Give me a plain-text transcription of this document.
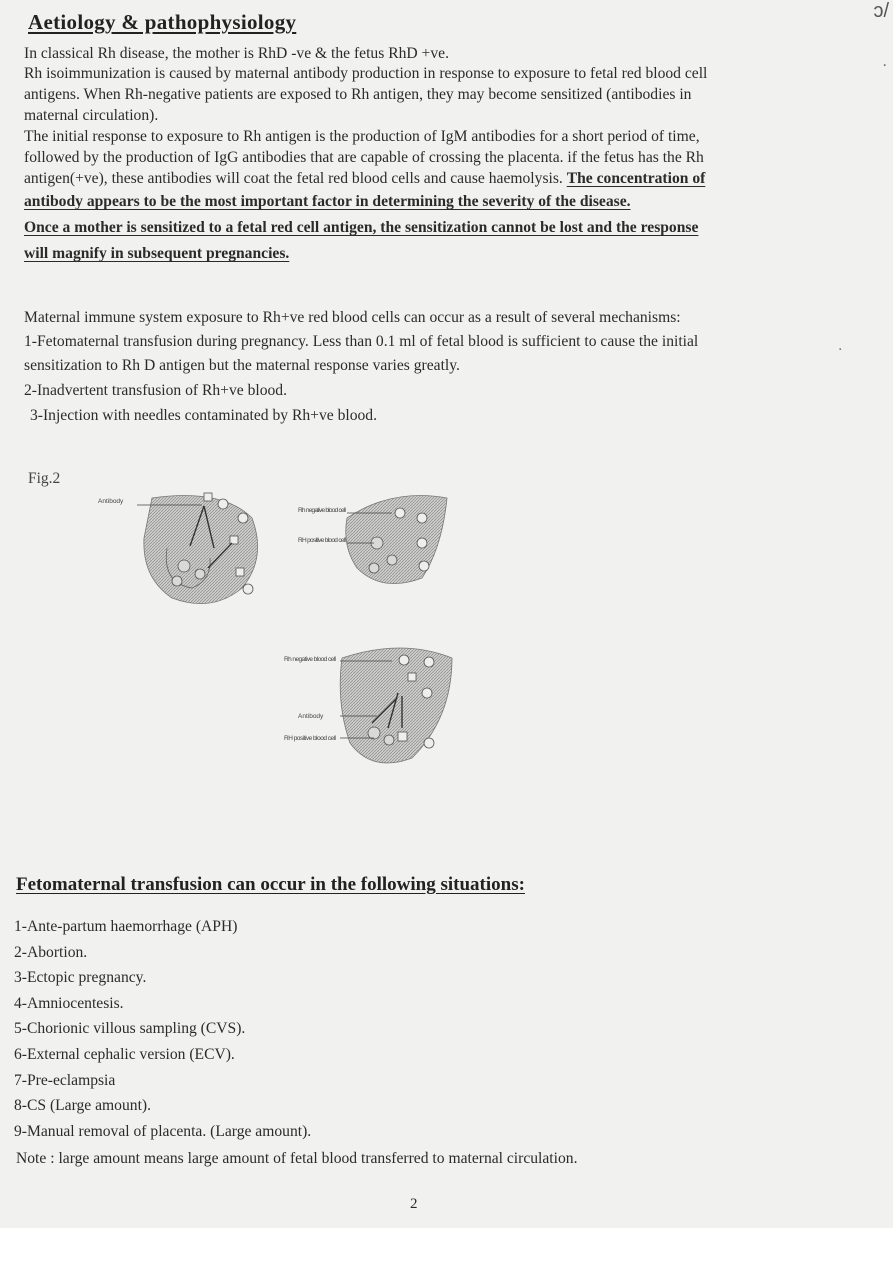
ↄ/
·
Aetiology & pathophysiology

In classical Rh disease, the mother is RhD -ve & the fetus RhD +ve.

Rh isoimmunization is caused by maternal antibody production in response to exposure to fetal red blood cell

antigens. When Rh-negative patients are exposed to Rh antigen, they may become sensitized (antibodies in

maternal circulation).

The initial response to exposure to Rh antigen is the production of IgM antibodies for a short period of time,

followed by the production of IgG antibodies that are capable of crossing the placenta. if the fetus has the Rh

antigen(+ve), these antibodies will coat the fetal red blood cells and cause haemolysis. The concentration of

antibody appears to be the most important factor in determining the severity of the disease.

Once a mother is sensitized to a fetal red cell antigen, the sensitization cannot be lost and the response

will magnify in subsequent pregnancies.

Maternal immune system exposure to Rh+ve red blood cells can occur as a result of several mechanisms:

1-Fetomaternal transfusion during pregnancy. Less than 0.1 ml of fetal blood is sufficient to cause the initial

sensitization to Rh D antigen but the maternal response varies greatly.

2-Inadvertent transfusion of Rh+ve blood.

3-Injection with needles contaminated by Rh+ve blood.

.
Fig.2
Antibody
Rh negative blood cell
RH positive blood cell
Rh negative blood cell
Antibody
RH positive blood cell
Fetomaternal transfusion can occur in the following situations:
1-Ante-partum haemorrhage (APH)
2-Abortion.
3-Ectopic pregnancy.
4-Amniocentesis.
5-Chorionic villous sampling (CVS).
6-External cephalic version (ECV).
7-Pre-eclampsia
8-CS (Large amount).
9-Manual removal of placenta. (Large amount).
Note : large amount means large amount of fetal blood transferred to maternal circulation.
2
